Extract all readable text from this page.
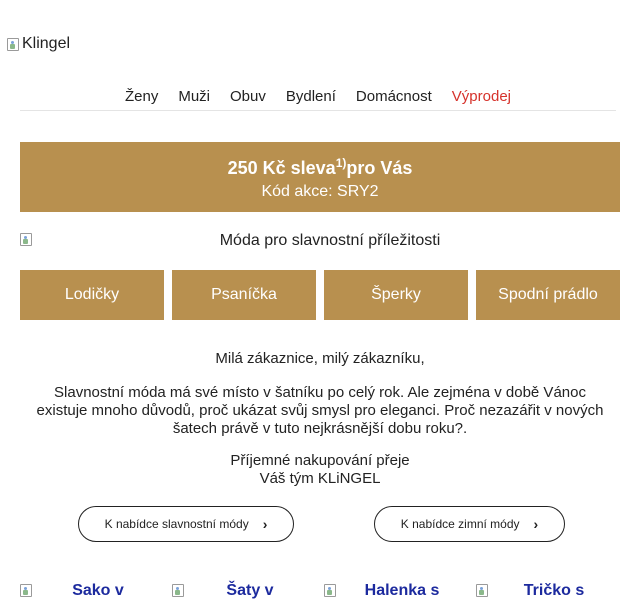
Klingel
Ženy	Muži	Obuv	Bydlení	Domácnost	Výprodej
250 Kč sleva$^{1)}$pro Vás
Kód akce: SRY2
Móda pro slavnostní příležitosti
Lodičky	Psaníčka	Šperky	Spodní prádlo
Milá zákaznice, milý zákazníku,
Slavnostní móda má své místo v šatníku po celý rok. Ale zejména v době Vánoc existuje mnoho důvodů, proč ukázat svůj smysl pro eleganci. Proč nezazářit v nových šatech právě v tuto nejkrásnější dobu roku?.
Příjemné nakupování přeje
Váš tým KLiNGEL
K nabídce slavnostní módy ›	K nabídce zimní módy ›
Sako v	Šaty v	Halenka s	Tričko s
